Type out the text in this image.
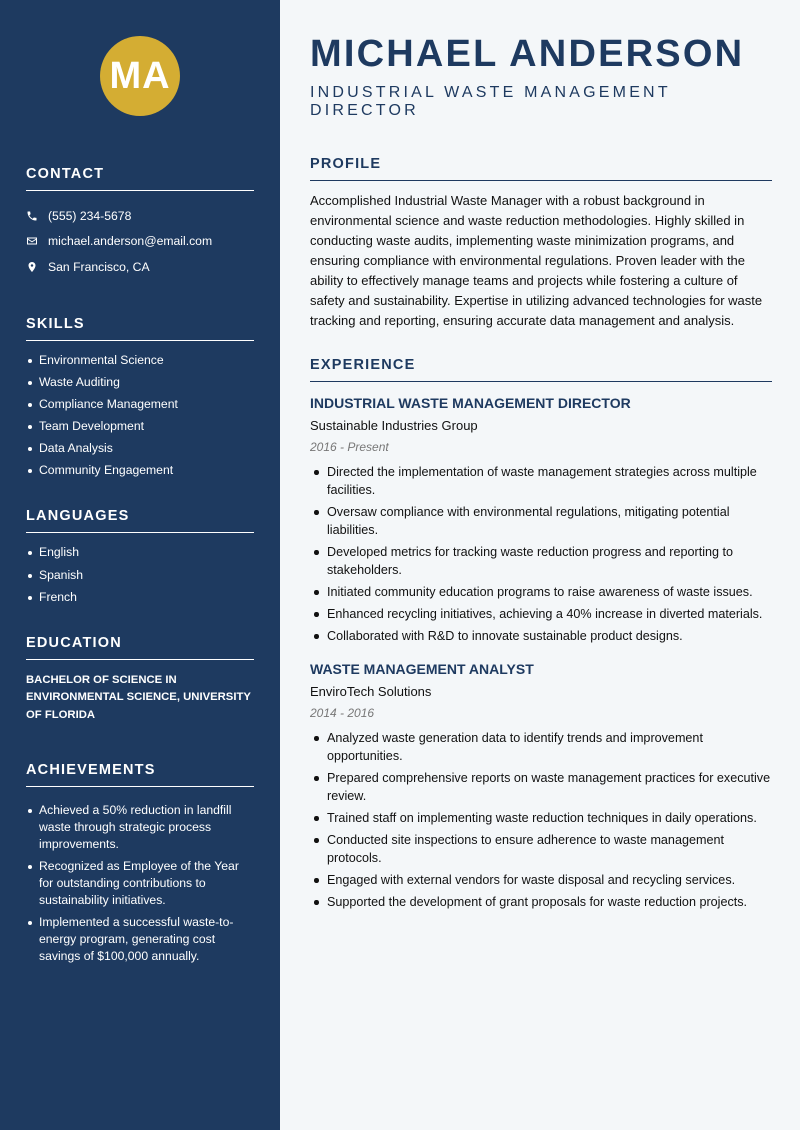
MA
CONTACT
(555) 234-5678
michael.anderson@email.com
San Francisco, CA
SKILLS
Environmental Science
Waste Auditing
Compliance Management
Team Development
Data Analysis
Community Engagement
LANGUAGES
English
Spanish
French
EDUCATION
BACHELOR OF SCIENCE IN ENVIRONMENTAL SCIENCE, UNIVERSITY OF FLORIDA
ACHIEVEMENTS
Achieved a 50% reduction in landfill waste through strategic process improvements.
Recognized as Employee of the Year for outstanding contributions to sustainability initiatives.
Implemented a successful waste-to-energy program, generating cost savings of $100,000 annually.
MICHAEL ANDERSON
INDUSTRIAL WASTE MANAGEMENT DIRECTOR
PROFILE

Accomplished Industrial Waste Manager with a robust background in environmental science and waste reduction methodologies. Highly skilled in conducting waste audits, implementing waste minimization programs, and ensuring compliance with environmental regulations. Proven leader with the ability to effectively manage teams and projects while fostering a culture of safety and sustainability. Expertise in utilizing advanced technologies for waste tracking and reporting, ensuring accurate data management and analysis.

EXPERIENCE
INDUSTRIAL WASTE MANAGEMENT DIRECTOR
Sustainable Industries Group
2016 - Present
Directed the implementation of waste management strategies across multiple facilities.
Oversaw compliance with environmental regulations, mitigating potential liabilities.
Developed metrics for tracking waste reduction progress and reporting to stakeholders.
Initiated community education programs to raise awareness of waste issues.
Enhanced recycling initiatives, achieving a 40% increase in diverted materials.
Collaborated with R&D to innovate sustainable product designs.
WASTE MANAGEMENT ANALYST
EnviroTech Solutions
2014 - 2016
Analyzed waste generation data to identify trends and improvement opportunities.
Prepared comprehensive reports on waste management practices for executive review.
Trained staff on implementing waste reduction techniques in daily operations.
Conducted site inspections to ensure adherence to waste management protocols.
Engaged with external vendors for waste disposal and recycling services.
Supported the development of grant proposals for waste reduction projects.
